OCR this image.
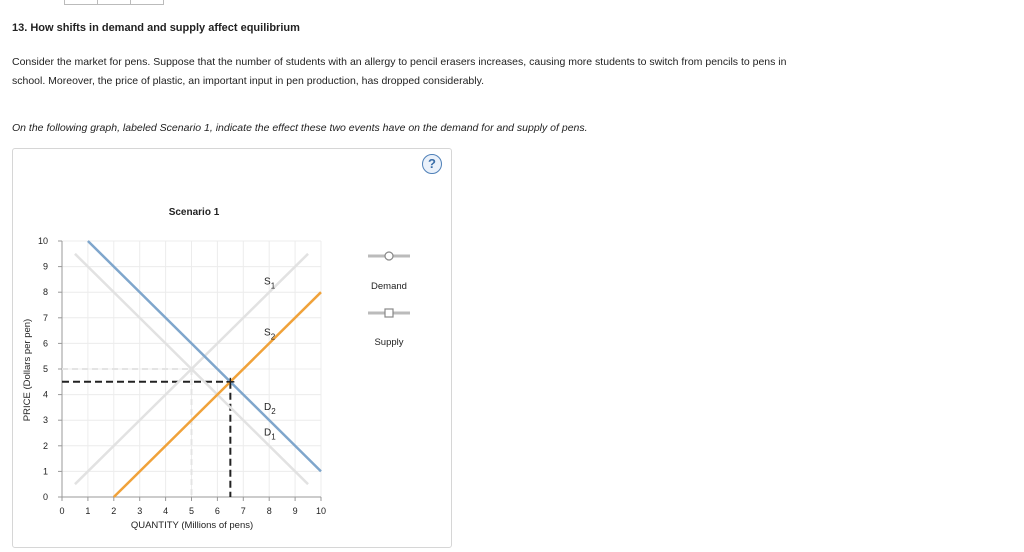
13. How shifts in demand and supply affect equilibrium
Consider the market for pens. Suppose that the number of students with an allergy to pencil erasers increases, causing more students to switch from pencils to pens in school. Moreover, the price of plastic, an important input in pen production, has dropped considerably.
On the following graph, labeled Scenario 1, indicate the effect these two events have on the demand for and supply of pens.
?
Scenario 1
PRICE (Dollars per pen)
QUANTITY (Millions of pens)
0 1 2 3 4 5 6 7 8 9 10
0
1
2
3
4
5
6
7
8
9
10
$S_1$
$S_2$
$D_2$
$D_1$
Demand
Supply
